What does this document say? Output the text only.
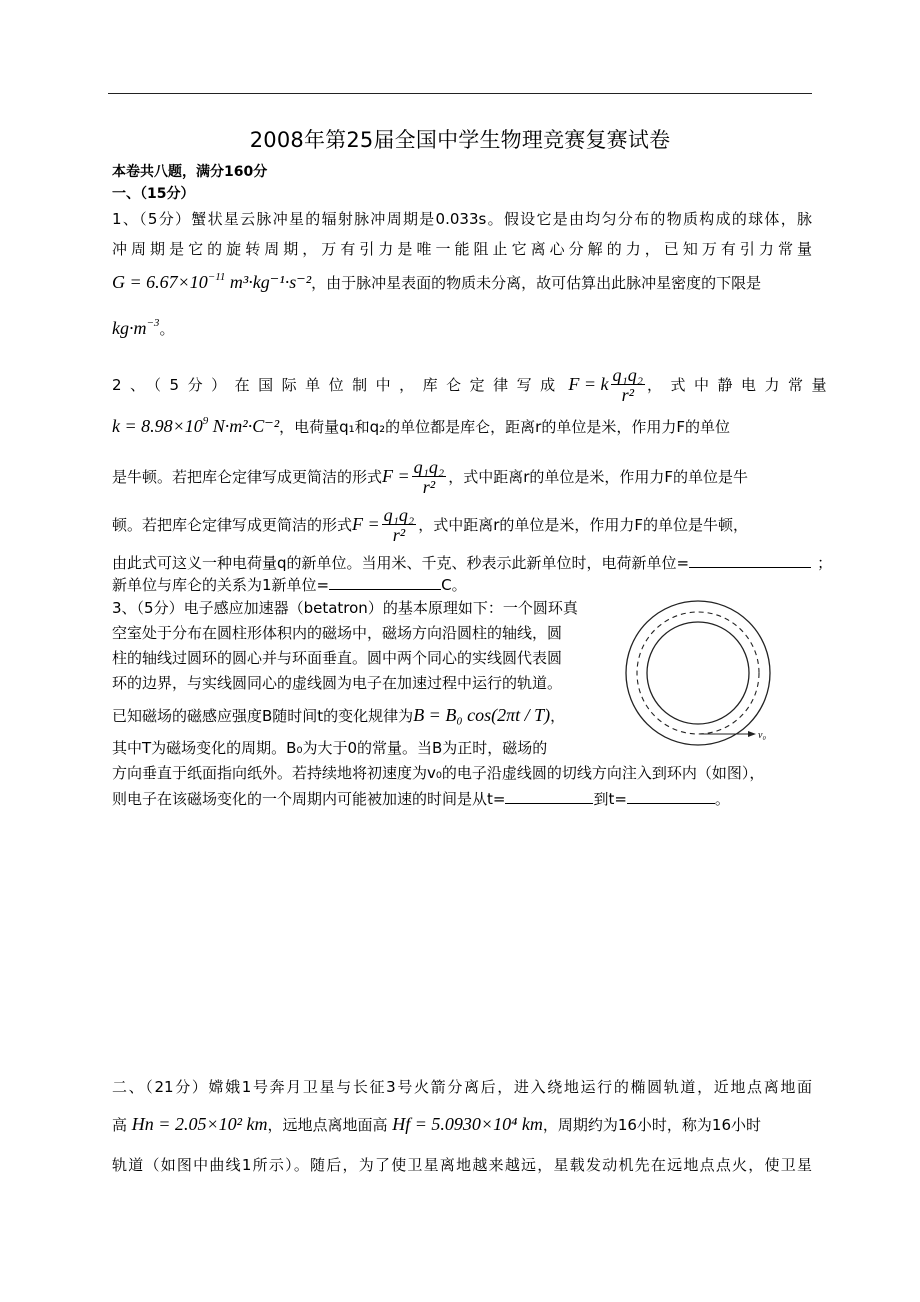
2008年第25届全国中学生物理竞赛复赛试卷
本卷共八题，满分160分
一、（15分）
1、（5分）蟹状星云脉冲星的辐射脉冲周期是0.033s。假设它是由均匀分布的物质构成的球体，脉
冲周期是它的旋转周期，万有引力是唯一能阻止它离心分解的力，已知万有引力常量
$G = 6.67\times 10^{-11}$ m³·kg⁻¹·s⁻²，由于脉冲星表面的物质未分离，故可估算出此脉冲星密度的下限是
$kg\cdot m^{-3}$。
2、（5分）在国际单位制中，库仑定律写成 F = k $\frac{\text{q₁q₂}}{\text{r²}}$ ，式中静电力常量
$k = 8.98\times 10^9$ N·m²·C⁻²，电荷量q₁和q₂的单位都是库仑，距离r的单位是米，作用力F的单位
是牛顿。若把库仑定律写成更简洁的形式$F = \frac{\text{q₁q₂}}{\text{r²}}$ ，式中距离r的单位是米，作用力F的单位是牛
顿。若把库仑定律写成更简洁的形式$F = \frac{\text{q₁q₂}}{\text{r²}}$ ，式中距离r的单位是米，作用力F的单位是牛顿，
由此式可这义一种电荷量q的新单位。当用米、千克、秒表示此新单位时，电荷新单位=	；
新单位与库仑的关系为1新单位=	C。
3、（5分）电子感应加速器（betatron）的基本原理如下：一个圆环真
空室处于分布在圆柱形体积内的磁场中，磁场方向沿圆柱的轴线，圆
柱的轴线过圆环的圆心并与环面垂直。圆中两个同心的实线圆代表圆
环的边界，与实线圆同心的虚线圆为电子在加速过程中运行的轨道。
已知磁场的磁感应强度B随时间t的变化规律为B = B₀ cos(2πt / T)，
其中T为磁场变化的周期。B₀为大于0的常量。当B为正时，磁场的
方向垂直于纸面指向纸外。若持续地将初速度为v₀的电子沿虚线圆的切线方向注入到环内（如图），
则电子在该磁场变化的一个周期内可能被加速的时间是从t=	到t=	。
v₀
二、（21分）嫦娥1号奔月卫星与长征3号火箭分离后，进入绕地运行的椭圆轨道，近地点离地面
高 Hn = 2.05×10² km，远地点离地面高 Hf = 5.0930×10⁴ km，周期约为16小时，称为16小时
轨道（如图中曲线1所示）。随后，为了使卫星离地越来越远，星载发动机先在远地点点火，使卫星
